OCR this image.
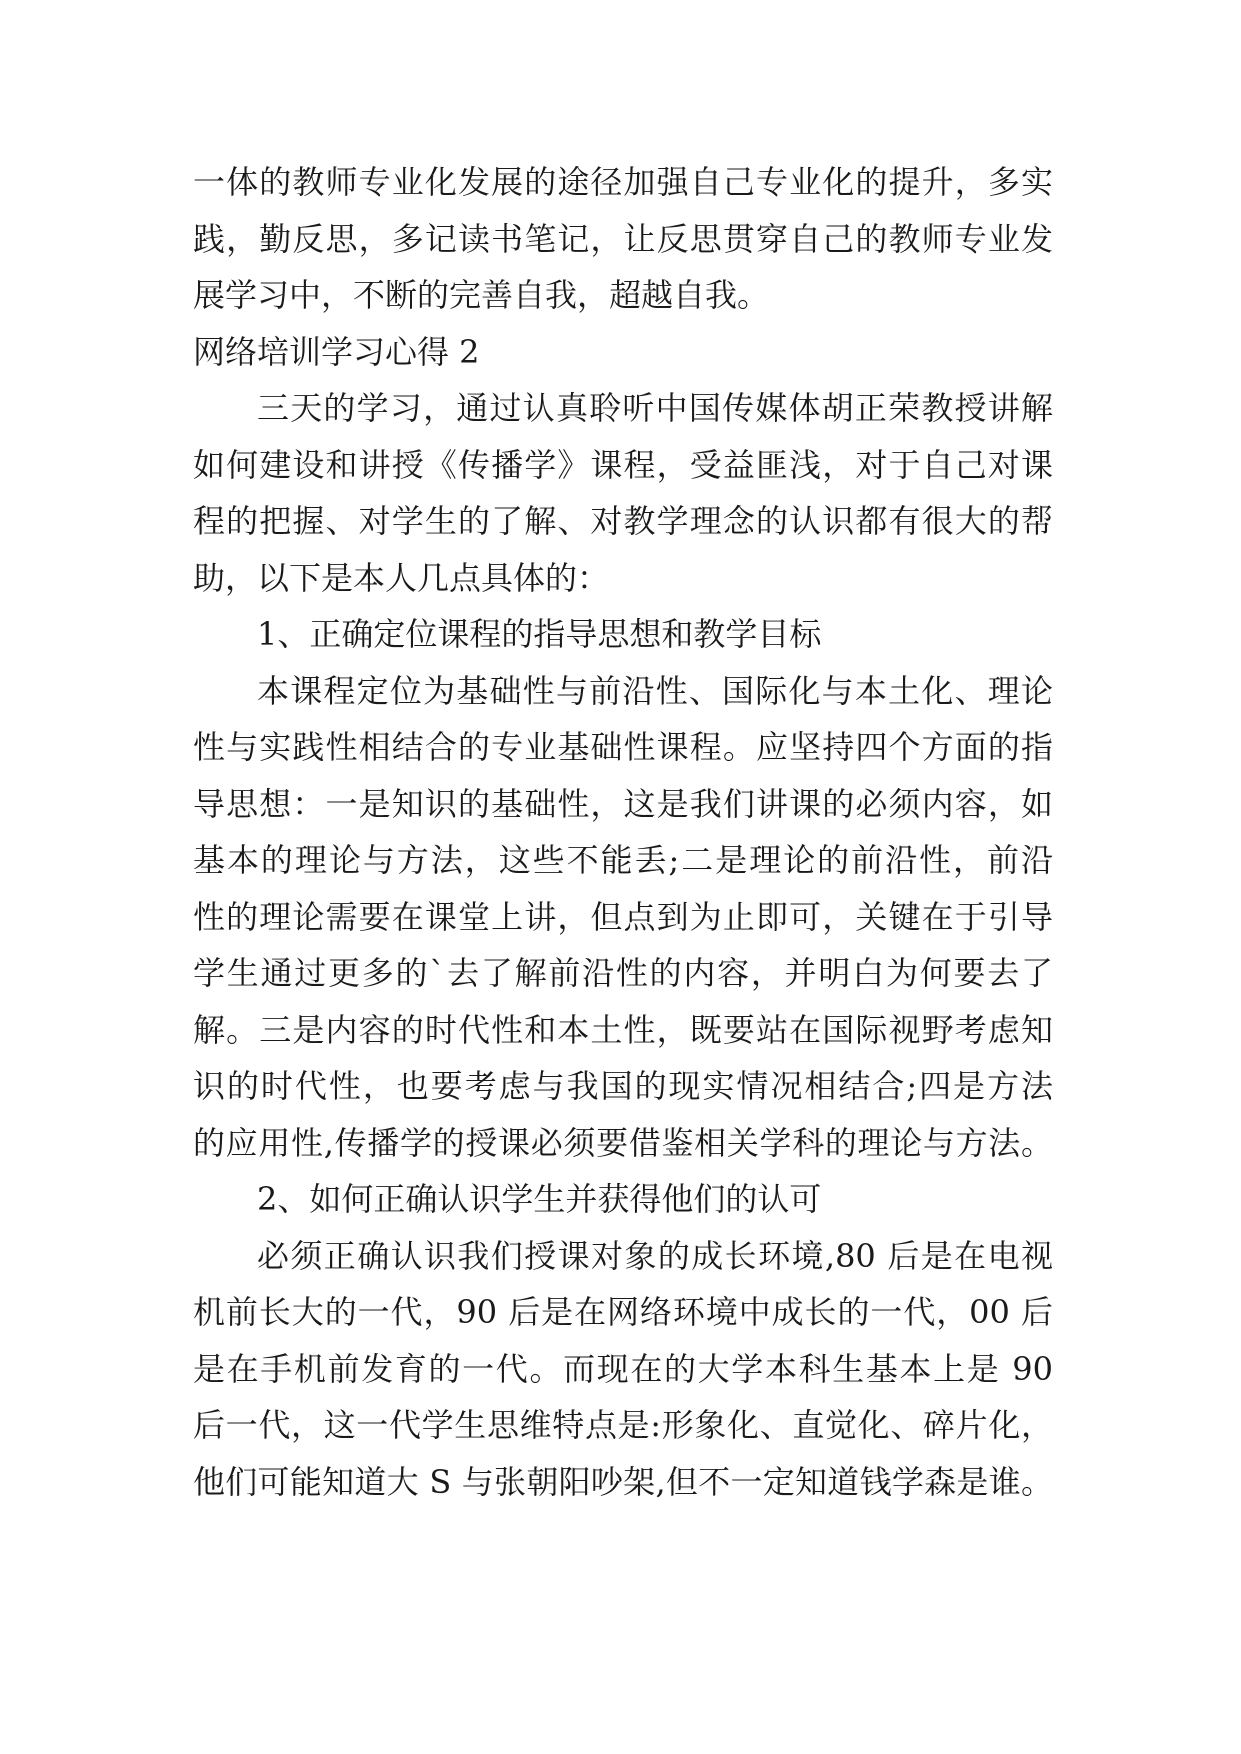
一体的教师专业化发展的途径加强自己专业化的提升，多实
践，勤反思，多记读书笔记，让反思贯穿自己的教师专业发
展学习中，不断的完善自我，超越自我。
网络培训学习心得 2
三天的学习，通过认真聆听中国传媒体胡正荣教授讲解
如何建设和讲授《传播学》课程，受益匪浅，对于自己对课
程的把握、对学生的了解、对教学理念的认识都有很大的帮
助，以下是本人几点具体的：
1、正确定位课程的指导思想和教学目标
本课程定位为基础性与前沿性、国际化与本土化、理论
性与实践性相结合的专业基础性课程。应坚持四个方面的指
导思想：一是知识的基础性，这是我们讲课的必须内容，如
基本的理论与方法，这些不能丢;二是理论的前沿性，前沿
性的理论需要在课堂上讲，但点到为止即可，关键在于引导
学生通过更多的`去了解前沿性的内容，并明白为何要去了
解。三是内容的时代性和本土性，既要站在国际视野考虑知
识的时代性，也要考虑与我国的现实情况相结合;四是方法
的应用性,传播学的授课必须要借鉴相关学科的理论与方法。
2、如何正确认识学生并获得他们的认可
必须正确认识我们授课对象的成长环境,80 后是在电视
机前长大的一代，90 后是在网络环境中成长的一代，00 后
是在手机前发育的一代。而现在的大学本科生基本上是 90
后一代，这一代学生思维特点是:形象化、直觉化、碎片化，
他们可能知道大 S 与张朝阳吵架,但不一定知道钱学森是谁。
